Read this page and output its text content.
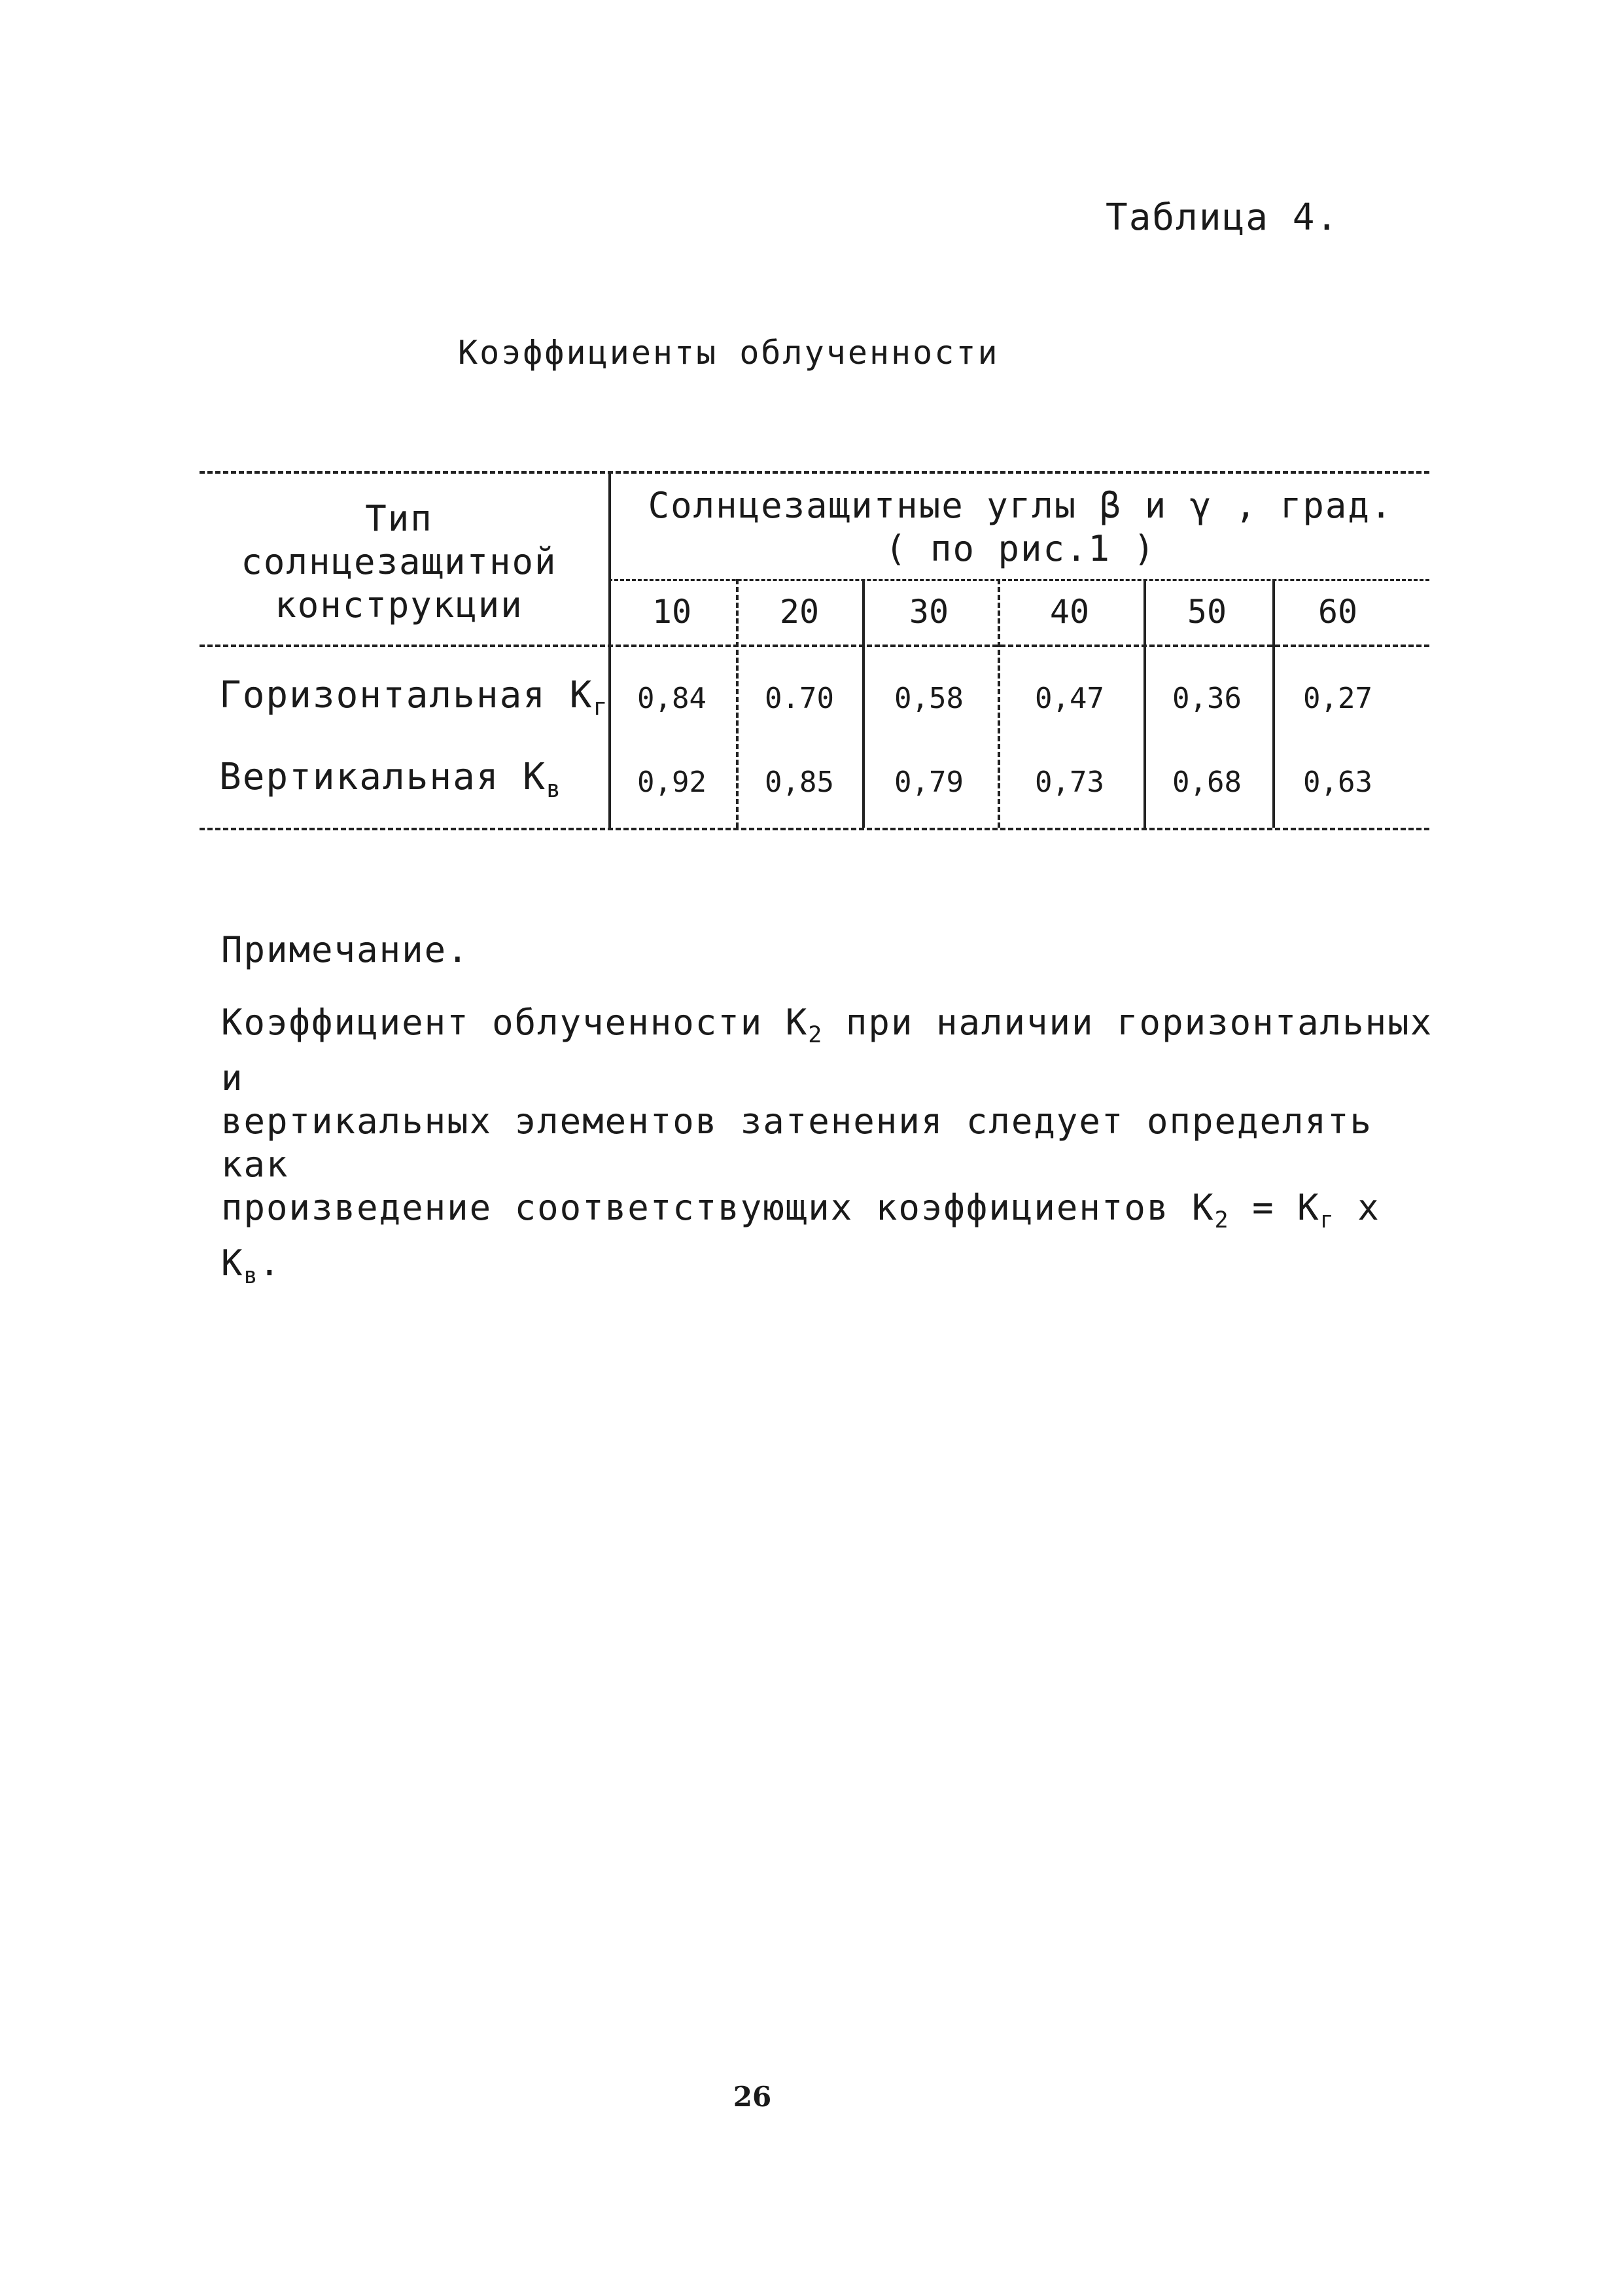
Таблица 4.
Коэффициенты облученности
Тип
солнцезащитной
конструкции
Солнцезащитные углы β и γ , град.
( по рис.1 )
10	20	30	40	50	60
Горизонтальная $K_г$ 0,84	0.70	0,58	0,47	0,36	0,27
Вертикальная $K_в$	0,92	0,85	0,79	0,73	0,68	0,63
Примечание.
Коэффициент облученности $K_2$ при наличии горизонтальных и
вертикальных элементов затенения следует определять как
произведение соответствующих коэффициентов $K_2 = K_г$ x $K_в$.
26
